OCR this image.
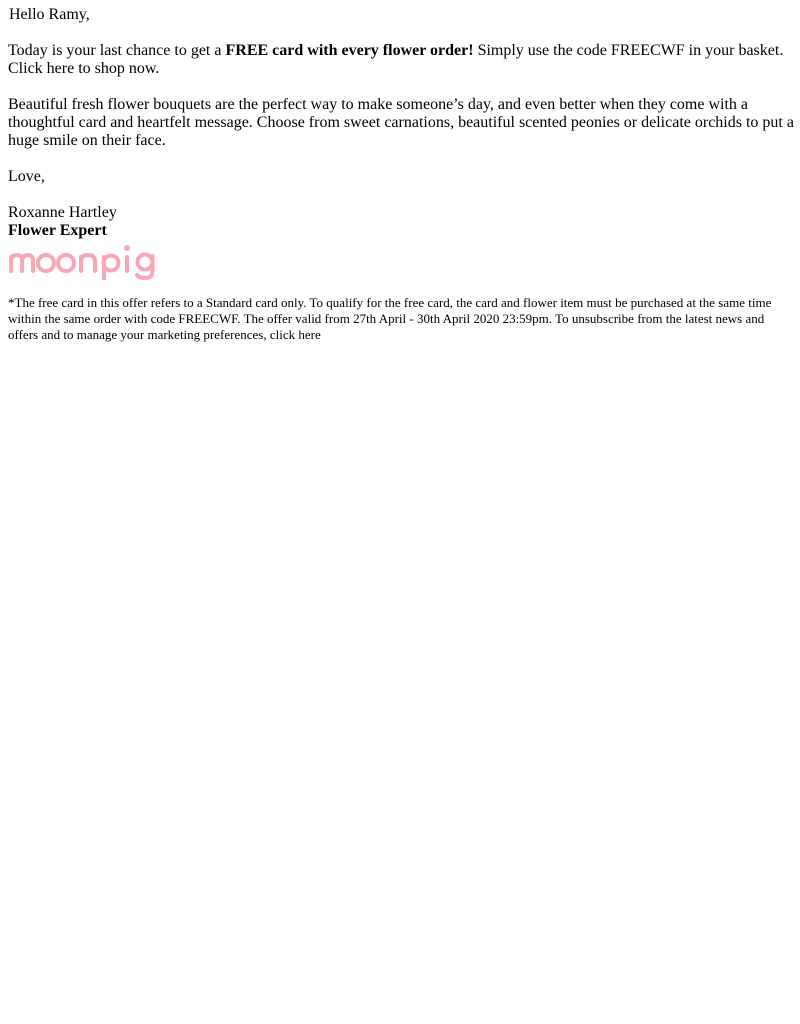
Hello Ramy,

Today is your last chance to get a FREE card with every flower order! Simply use the code FREECWF in your basket. Click here to shop now.

Beautiful fresh flower bouquets are the perfect way to make someone’s day, and even better when they come with a thoughtful card and heartfelt message. Choose from sweet carnations, beautiful scented peonies or delicate orchids to put a huge smile on their face.

Love,

Roxanne Hartley

Flower Expert

*The free card in this offer refers to a Standard card only. To qualify for the free card, the card and flower item must be purchased at the same time within the same order with code FREECWF. The offer valid from 27th April - 30th April 2020 23:59pm. To unsubscribe from the latest news and offers and to manage your marketing preferences, click here
